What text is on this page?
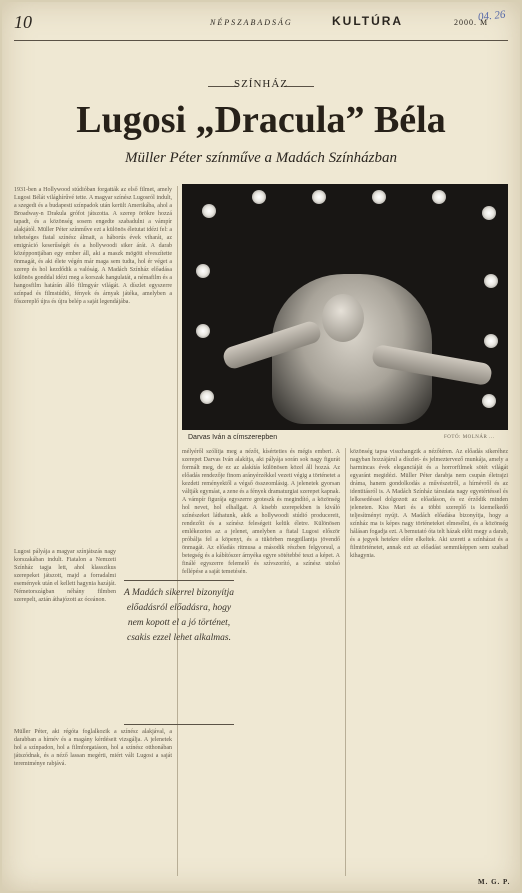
10	NÉPSZABADSÁG	KULTÚRA	2000. M
04. 26
SZÍNHÁZ
Lugosi „Dracula” Béla
Müller Péter színműve a Madách Színházban
1931-ben a Hollywood stúdióban forgatták az első filmet, amely Lugosi Bélát világhírűvé tette. A magyar színész Lugosról indult, a szegedi és a budapesti színpadok után került Amerikába, ahol a Broadway-n Drakula grófot játszotta. A szerep örökre hozzá tapadt, és a közönség sosem engedte szabadulni a vámpír alakjától. Müller Péter színműve ezt a különös életutat idézi fel: a tehetséges fiatal színész álmait, a háborús évek viharát, az emigráció keserűségét és a hollywoodi siker árát. A darab középpontjában egy ember áll, aki a maszk mögött elveszítette önmagát, és aki élete végén már maga sem tudta, hol ér véget a szerep és hol kezdődik a valóság. A Madách Színház előadása különös gonddal idézi meg a korszak hangulatát, a némafilm és a hangosfilm határán álló filmgyár világát. A díszlet egyszerre színpad és filmstúdió, fények és árnyak játéka, amelyben a főszereplő újra és újra belép a saját legendájába.
Lugosi pályája a magyar színjátszás nagy korszakában indult. Fiatalon a Nemzeti Színház tagja lett, ahol klasszikus szerepeket játszott, majd a forradalmi események után el kellett hagynia hazáját. Németországban néhány filmben szerepelt, aztán áthajózott az óceánon.
Müller Péter, aki régóta foglalkozik a színész alakjával, a darabban a hírnév és a magány kérdéseit vizsgálja. A jelenetek hol a színpadon, hol a filmforgatáson, hol a színész otthonában játszódnak, és a néző lassan megérti, miért vált Lugosi a saját teremtménye rabjává.
Darvas Iván a címszerepben	FOTÓ: MOLNÁR ...
mélyéről szólítja meg a nézőt, kísérteties és mégis emberi. A szerepet Darvas Iván alakítja, aki pályája során sok nagy figurát formált meg, de ez az alakítás különösen közel áll hozzá. Az előadás rendezője finom arányérzékkel vezeti végig a történetet a kezdeti reményektől a végső összeomlásig. A jelenetek gyorsan váltják egymást, a zene és a fények dramaturgiai szerepet kapnak. A vámpír figurája egyszerre groteszk és megindító, a közönség hol nevet, hol elhallgat. A kisebb szerepekben is kiváló színészeket láthatunk, akik a hollywoodi stúdió producereit, rendezőit és a színész feleségeit keltik életre. Különösen emlékezetes az a jelenet, amelyben a fiatal Lugosi először próbálja fel a köpenyt, és a tükörben megpillantja jövendő önmagát. Az előadás ritmusa a második részben felgyorsul, a betegség és a kábítószer árnyéka egyre sötétebbé teszi a képet. A finálé egyszerre felemelő és szívszorító, a színész utolsó fellépése a saját temetésén.
közönség tapsa visszhangzik a nézőtéren. Az előadás sikeréhez nagyban hozzájárul a díszlet- és jelmeztervező munkája, amely a harmincas évek eleganciáját és a horrorfilmek sötét világát egyaránt megidézi. Müller Péter darabja nem csupán életrajzi dráma, hanem gondolkodás a művészetről, a hírnévről és az identitásról is. A Madách Színház társulata nagy egyetértéssel és lelkesedéssel dolgozott az előadáson, és ez érződik minden jeleneten. Kiss Mari és a többi szereplő is kiemelkedő teljesítményt nyújt. A Madách előadása bizonyítja, hogy a színház ma is képes nagy történeteket elmesélni, és a közönség hálásan fogadja ezt. A bemutató óta telt házak előtt megy a darab, és a jegyek hetekre előre elkeltek. Aki szereti a színházat és a filmtörténetet, annak ezt az előadást semmiképpen sem szabad kihagynia.
A Madách sikerrel bizonyítja előadásról előadásra, hogy nem kopott el a jó történet, csakis ezzel lehet alkalmas.
M. G. P.
